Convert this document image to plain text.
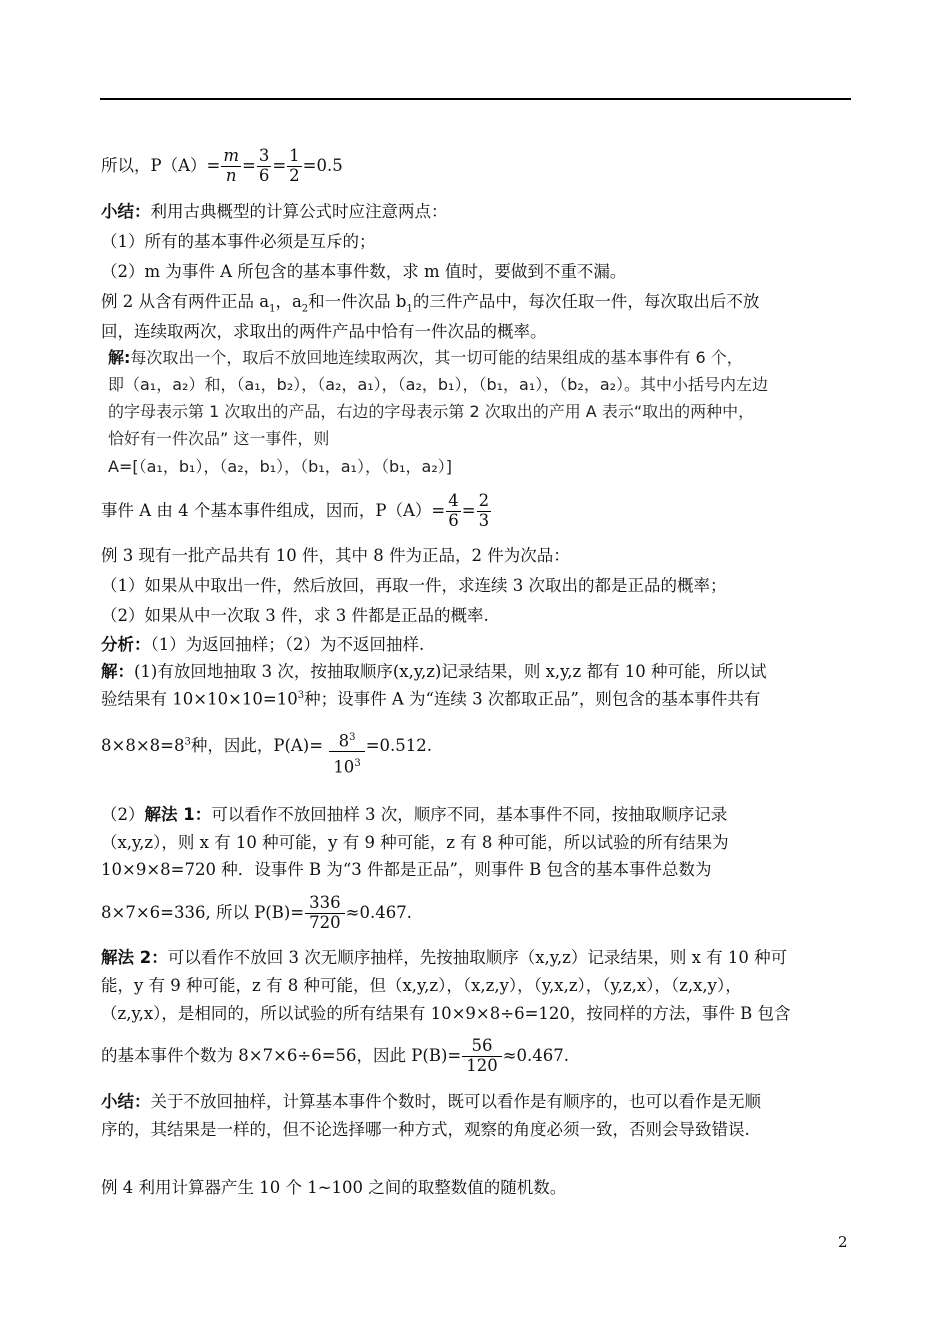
所以，$P(A)= \frac{m}{n} = \frac{3}{6} = \frac{1}{2} =0.5$
小结：利用古典概型的计算公式时应注意两点：
（1）所有的基本事件必须是互斥的；
（2）m 为事件 A 所包含的基本事件数，求 m 值时，要做到不重不漏。
例 2 从含有两件正品 $a_1$，$a_2$和一件次品 $b_1$的三件产品中，每次任取一件，每次取出后不放
回，连续取两次，求取出的两件产品中恰有一件次品的概率。
解:每次取出一个，取后不放回地连续取两次，其一切可能的结果组成的基本事件有 6 个，
即（a₁，a₂）和，（a₁，b₂），（a₂，a₁），（a₂，b₁），（b₁，a₁），（b₂，a₂）。其中小括号内左边
的字母表示第 1 次取出的产品，右边的字母表示第 2 次取出的产用 A 表示“取出的两种中，
恰好有一件次品” 这一事件，则
A=[（a₁，b₁），（a₂，b₁），（b₁，a₁），（b₁，a₂）]
事件 A 由 4 个基本事件组成，因而，$P(A)= \frac{4}{6} = \frac{2}{3}$
例 3 现有一批产品共有 10 件，其中 8 件为正品，2 件为次品：
（1）如果从中取出一件，然后放回，再取一件，求连续 3 次取出的都是正品的概率；
（2）如果从中一次取 3 件，求 3 件都是正品的概率.
分析：（1）为返回抽样；（2）为不返回抽样.
解：(1)有放回地抽取 3 次，按抽取顺序(x,y,z)记录结果，则 x,y,z 都有 10 种可能，所以试
验结果有 $10\times 10\times 10=10^3$种；设事件 A 为“连续 3 次都取正品”，则包含的基本事件共有
$8\times 8\times 8=8^3$种，因此，$P(A)= \frac{8^3}{10^3} =0.512$.
（2）解法 1：可以看作不放回抽样 3 次，顺序不同，基本事件不同，按抽取顺序记录
（x,y,z），则 x 有 10 种可能，y 有 9 种可能，z 有 8 种可能，所以试验的所有结果为
10×9×8=720 种．设事件 B 为“3 件都是正品”，则事件 B 包含的基本事件总数为
8×7×6=336, 所以 $P(B)= \frac{336}{720} \approx 0.467$.
解法 2：可以看作不放回 3 次无顺序抽样，先按抽取顺序（x,y,z）记录结果，则 x 有 10 种可
能，y 有 9 种可能，z 有 8 种可能，但（x,y,z），（x,z,y），（y,x,z），（y,z,x），（z,x,y），
（z,y,x），是相同的，所以试验的所有结果有 10×9×8÷6=120，按同样的方法，事件 B 包含
的基本事件个数为 8×7×6÷6=56，因此 $P(B)= \frac{56}{120} \approx 0.467$.
小结：关于不放回抽样，计算基本事件个数时，既可以看作是有顺序的，也可以看作是无顺
序的，其结果是一样的，但不论选择哪一种方式，观察的角度必须一致，否则会导致错误.
例 4 利用计算器产生 10 个 1~100 之间的取整数值的随机数。
2
